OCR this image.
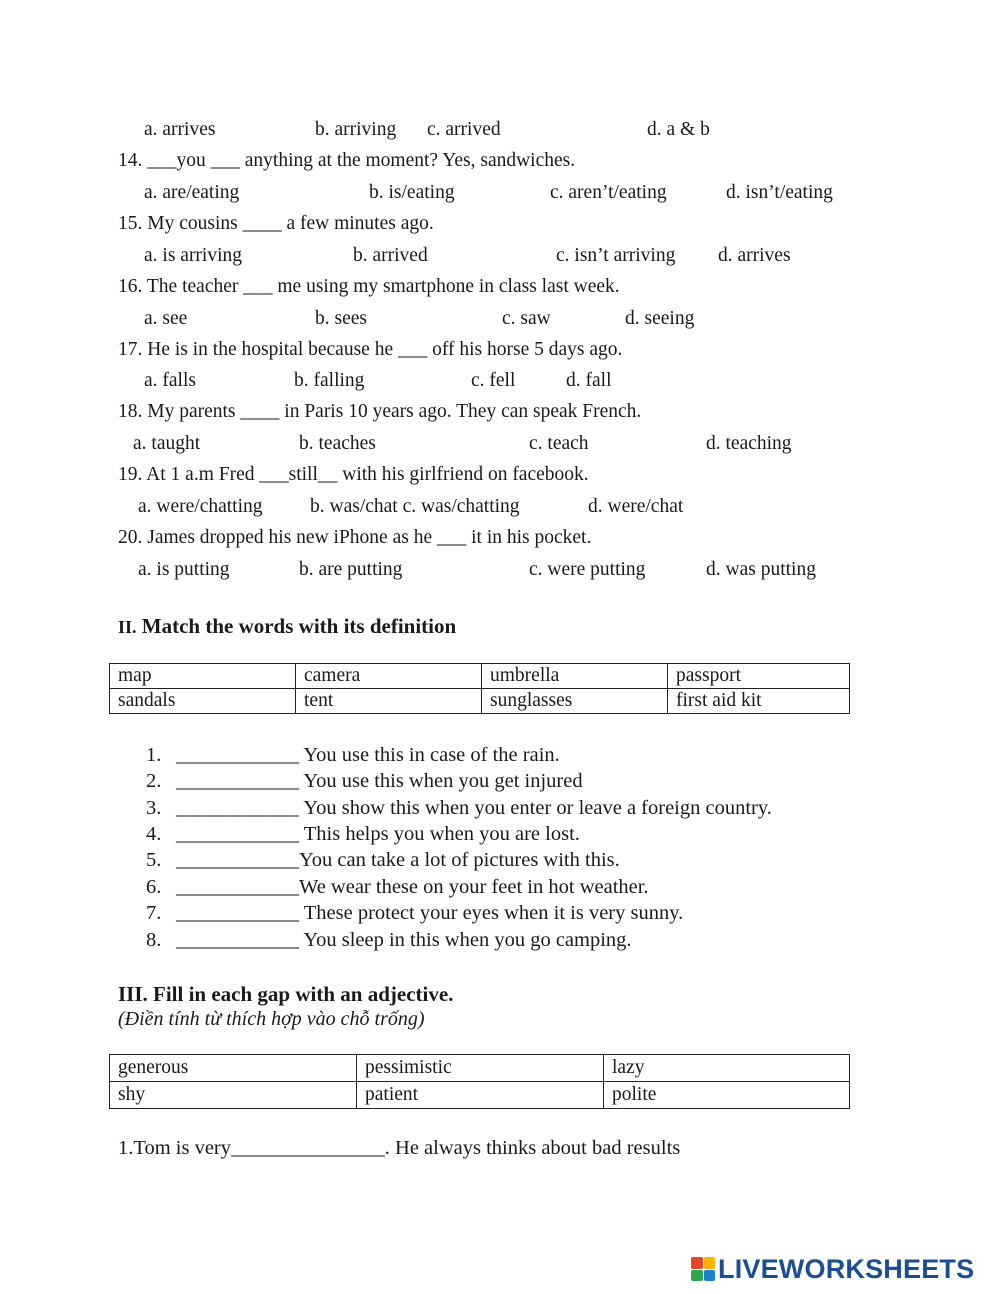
a. arrives	b. arriving c. arrived	d. a & b
14. ___you ___ anything at the moment? Yes, sandwiches.
a. are/eating	b. is/eating	c. aren’t/eating	d. isn’t/eating
15. My cousins ____ a few minutes ago.
a. is arriving	b. arrived	c. isn’t arriving d. arrives
16. The teacher ___ me using my smartphone in class last week.
a. see	b. sees	c. saw	d. seeing
17. He is in the hospital because he ___ off his horse 5 days ago.
a. falls	b. falling	c. fell	d. fall
18. My parents ____ in Paris 10 years ago. They can speak French.
a. taught	b. teaches	c. teach	d. teaching
19. At 1 a.m Fred ___still__ with his girlfriend on facebook.
a. were/chatting b. was/chat c. was/chatting	d. were/chat
20. James dropped his new iPhone as he ___ it in his pocket.
a. is putting	b. are putting	c. were putting	d. was putting
II. Match the words with its definition
map	camera	umbrella	passport
sandals	tent	sunglasses	first aid kit
1. ____________ You use this in case of the rain.
2. ____________ You use this when you get injured
3. ____________ You show this when you enter or leave a foreign country.
4. ____________ This helps you when you are lost.
5. ____________You can take a lot of pictures with this.
6. ____________We wear these on your feet in hot weather.
7. ____________ These protect your eyes when it is very sunny.
8. ____________ You sleep in this when you go camping.
III. Fill in each gap with an adjective.
(Điền tính từ thích hợp vào chỗ trống)
generous	pessimistic	lazy
shy	patient	polite
1.Tom is very_______________. He always thinks about bad results
LIVEWORKSHEETS
